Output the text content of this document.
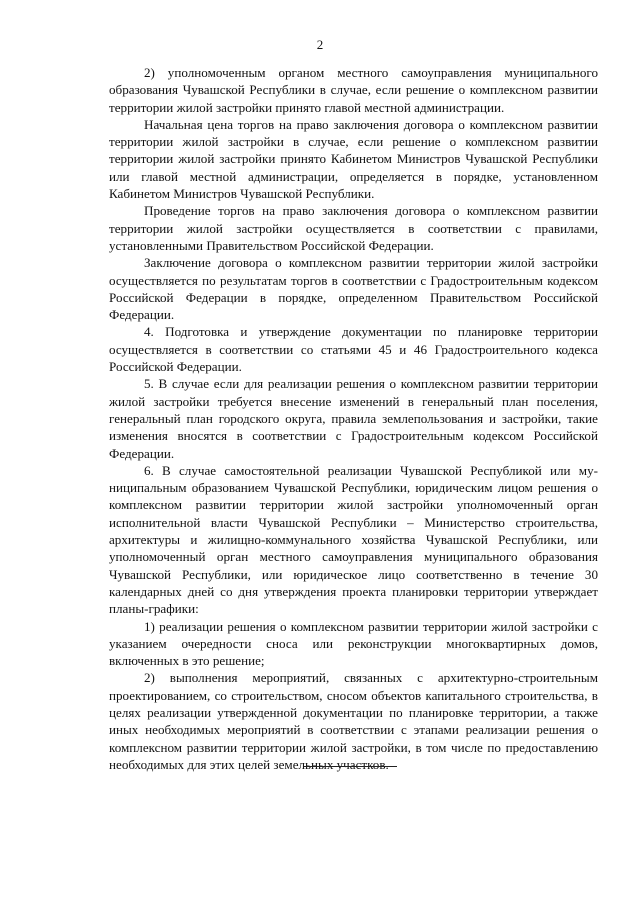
2

2) уполномоченным органом местного самоуправления муниципального образования Чувашской Республики в случае, если решение о комплексном развитии территории жилой застройки принято главой местной администрации.

Начальная цена торгов на право заключения договора о комплексном развитии территории жилой застройки в случае, если решение о комплексном развитии территории жилой застройки принято Кабинетом Министров Чувашской Республики или главой местной администрации, определяется в порядке, установленном Кабинетом Министров Чувашской Республики.

Проведение торгов на право заключения договора о комплексном развитии территории жилой застройки осуществляется в соответствии с правилами, установленными Правительством Российской Федерации.

Заключение договора о комплексном развитии территории жилой застройки осуществляется по результатам торгов в соответствии с Градостроительным кодексом Российской Федерации в порядке, определенном Правительством Российской Федерации.

4. Подготовка и утверждение документации по планировке территории осуществляется в соответствии со статьями 45 и 46 Градостроительного кодекса Российской Федерации.

5. В случае если для реализации решения о комплексном развитии территории жилой застройки требуется внесение изменений в генеральный план поселения, генеральный план городского округа, правила землепользования и застройки, такие изменения вносятся в соответствии с Градостроительным кодексом Российской Федерации.

6. В случае самостоятельной реализации Чувашской Республикой или муниципальным образованием Чувашской Республики, юридическим лицом решения о комплексном развитии территории жилой застройки уполномоченный орган исполнительной власти Чувашской Республики – Министерство строительства, архитектуры и жилищно-коммунального хозяйства Чувашской Республики, или уполномоченный орган местного самоуправления муниципального образования Чувашской Республики, или юридическое лицо соответственно в течение 30 календарных дней со дня утверждения проекта планировки территории утверждает планы-графики:

1) реализации решения о комплексном развитии территории жилой застройки с указанием очередности сноса или реконструкции многоквартирных домов, включенных в это решение;

2) выполнения мероприятий, связанных с архитектурно-строительным проектированием, со строительством, сносом объектов капитального строительства, в целях реализации утвержденной документации по планировке территории, а также иных необходимых мероприятий в соответствии с этапами реализации решения о комплексном развитии территории жилой застройки, в том числе по предоставлению необходимых для этих целей земельных участков.
